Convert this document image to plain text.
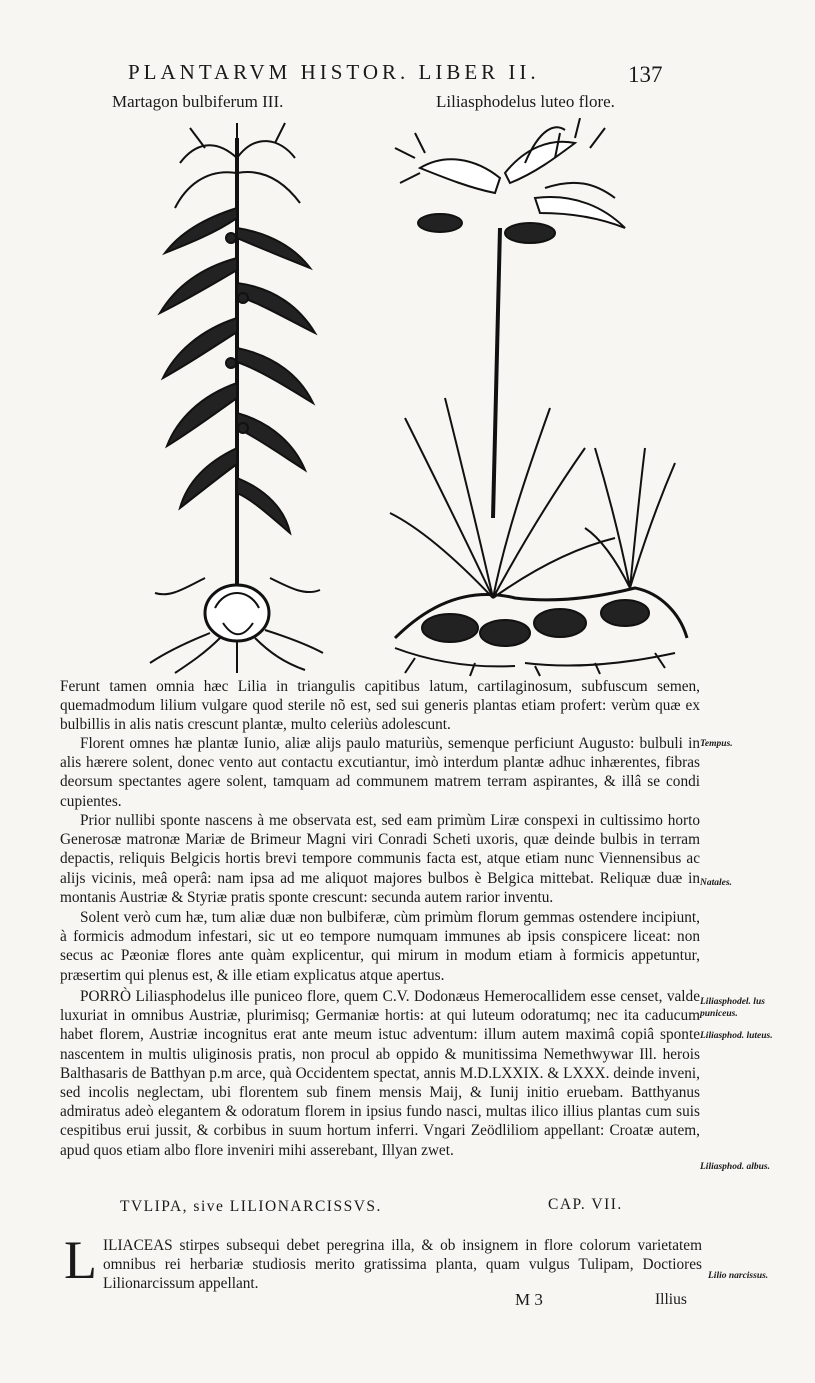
PLANTARVM HISTOR. LIBER II.	137
Martagon bulbiferum III.	Liliasphodelus luteo flore.

Ferunt tamen omnia hæc Lilia in triangulis capitibus latum, cartilaginosum, subfuscum semen, quemadmodum lilium vulgare quod sterile nõ est, sed sui generis plantas etiam profert: verùm quæ ex bulbillis in alis natis crescunt plantæ, multo celeriùs adolescunt.

Florent omnes hæ plantæ Iunio, aliæ alijs paulo maturiùs, semenque perficiunt Augusto: bulbuli in alis hærere solent, donec vento aut contactu excutiantur, imò interdum plantæ adhuc inhærentes, fibras deorsum spectantes agere solent, tamquam ad communem matrem terram aspirantes, & illâ se condi cupientes.

Prior nullibi sponte nascens à me observata est, sed eam primùm Liræ conspexi in cultissimo horto Generosæ matronæ Mariæ de Brimeur Magni viri Conradi Scheti uxoris, quæ deinde bulbis in terram depactis, reliquis Belgicis hortis brevi tempore communis facta est, atque etiam nunc Viennensibus ac alijs vicinis, meâ operâ: nam ipsa ad me aliquot majores bulbos è Belgica mittebat. Reliquæ duæ in montanis Austriæ & Styriæ pratis sponte crescunt: secunda autem rarior inventu.

Solent verò cum hæ, tum aliæ duæ non bulbiferæ, cùm primùm florum gemmas ostendere incipiunt, à formicis admodum infestari, sic ut eo tempore numquam immunes ab ipsis conspicere liceat: non secus ac Pæoniæ flores ante quàm explicentur, qui mirum in modum etiam à formicis appetuntur, præsertim qui plenus est, & ille etiam explicatus atque apertus.

PORRÒ Liliasphodelus ille puniceo flore, quem C.V. Dodonæus Hemerocallidem esse censet, valde luxuriat in omnibus Austriæ, plurimisq; Germaniæ hortis: at qui luteum odoratumq; nec ita caducum habet florem, Austriæ incognitus erat ante meum istuc adventum: illum autem maximâ copiâ sponte nascentem in multis uliginosis pratis, non procul ab oppido & munitissima Nemethwywar Ill. herois Balthasaris de Batthyan p.m arce, quà Occidentem spectat, annis M.D.LXXIX. & LXXX. deinde inveni, sed incolis neglectam, ubi florentem sub finem mensis Maij, & Iunij initio eruebam. Batthyanus admiratus adeò elegantem & odoratum florem in ipsius fundo nasci, multas ilico illius plantas cum suis cespitibus erui jussit, & corbibus in suum hortum inferri. Vngari Zeödliliom appellant: Croatæ autem, apud quos etiam albo flore inveniri mihi asserebant, Illyan zwet.

Tempus.
Natales.
Liliasphodel. lus puniceus.
Liliasphod. luteus.
Liliasphod. albus.
Lilio narcissus.
TVLIPA, sive LILIONARCISSVS.	CAP. VII.
L ILIACEAS stirpes subsequi debet peregrina illa, & ob insignem in flore colorum varietatem omnibus rei herbariæ studiosis merito gratissima planta, quam vulgus Tulipam, Doctiores Lilionarcissum appellant.
M 3	Illius
